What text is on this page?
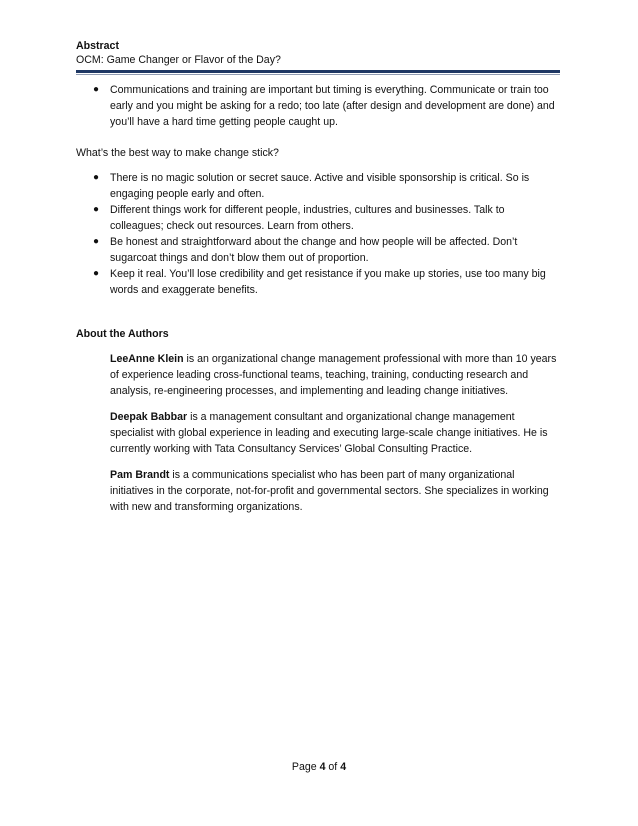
Abstract
OCM: Game Changer or Flavor of the Day?
● Communications and training are important but timing is everything. Communicate or train too early and you might be asking for a redo; too late (after design and development are done) and you’ll have a hard time getting people caught up.

What’s the best way to make change stick?

● There is no magic solution or secret sauce. Active and visible sponsorship is critical. So is engaging people early and often.
● Different things work for different people, industries, cultures and businesses. Talk to colleagues; check out resources. Learn from others.
● Be honest and straightforward about the change and how people will be affected. Don’t sugarcoat things and don’t blow them out of proportion.
● Keep it real. You’ll lose credibility and get resistance if you make up stories, use too many big words and exaggerate benefits.

About the Authors

LeeAnne Klein is an organizational change management professional with more than 10 years of experience leading cross-functional teams, teaching, training, conducting research and analysis, re-engineering processes, and implementing and leading change initiatives.

Deepak Babbar is a management consultant and organizational change management specialist with global experience in leading and executing large-scale change initiatives. He is currently working with Tata Consultancy Services’ Global Consulting Practice.

Pam Brandt is a communications specialist who has been part of many organizational initiatives in the corporate, not-for-profit and governmental sectors. She specializes in working with new and transforming organizations.

Page 4 of 4
